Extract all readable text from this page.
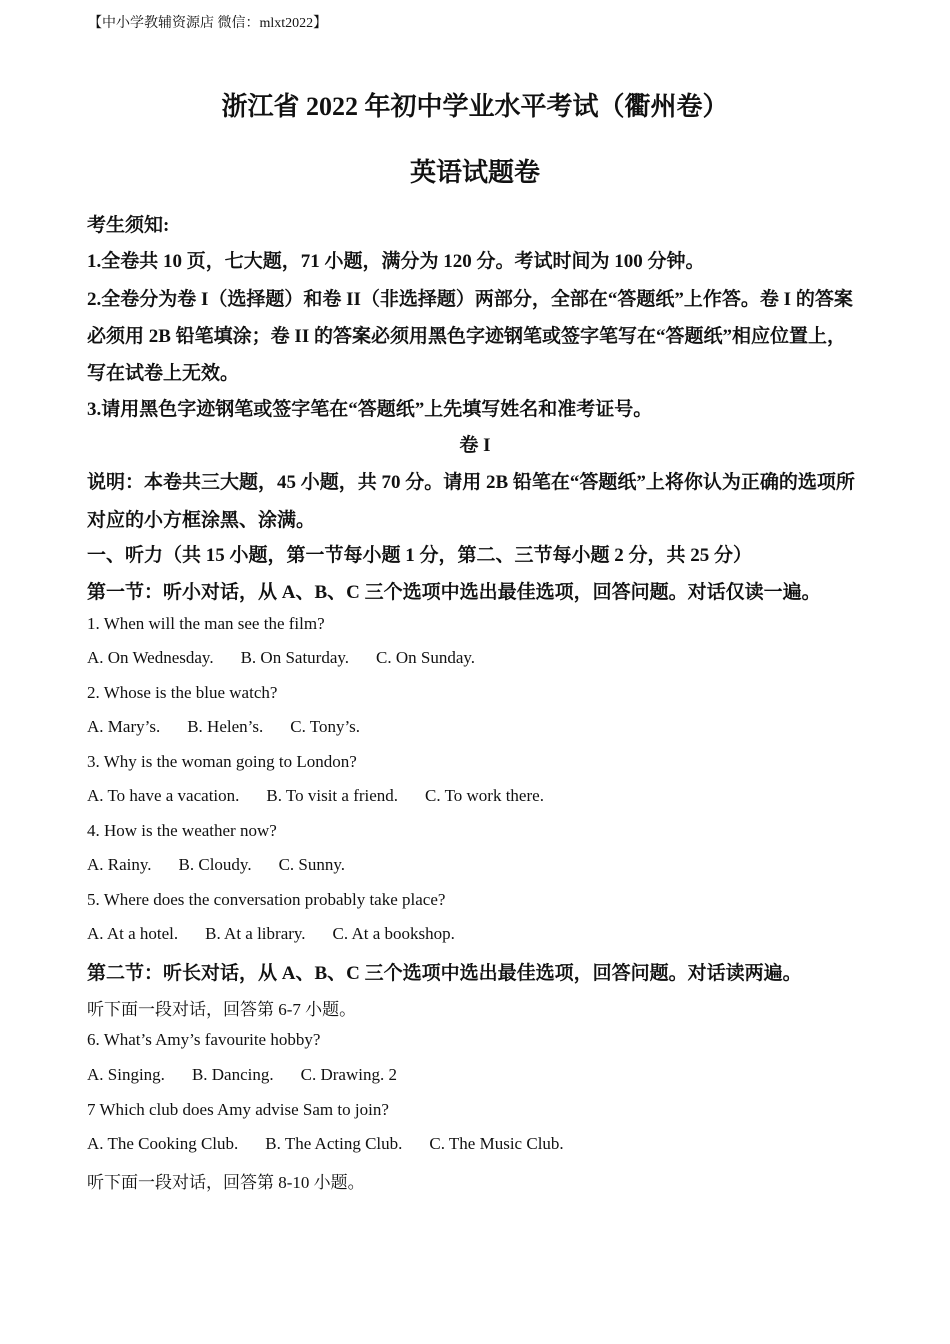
【中小学教辅资源店 微信：mlxt2022】
浙江省 2022 年初中学业水平考试（衢州卷）
英语试题卷
考生须知:
1.全卷共 10 页，七大题，71 小题，满分为 120 分。考试时间为 100 分钟。
2.全卷分为卷 I（选择题）和卷 II（非选择题）两部分，全部在“答题纸”上作答。卷 I 的答案
必须用 2B 铅笔填涂；卷 II 的答案必须用黑色字迹钢笔或签字笔写在“答题纸”相应位置上，
写在试卷上无效。
3.请用黑色字迹钢笔或签字笔在“答题纸”上先填写姓名和准考证号。
卷 I
说明：本卷共三大题，45 小题，共 70 分。请用 2B 铅笔在“答题纸”上将你认为正确的选项所
对应的小方框涂黑、涂满。
一、听力（共 15 小题，第一节每小题 1 分，第二、三节每小题 2 分，共 25 分）
第一节：听小对话，从 A、B、C 三个选项中选出最佳选项，回答问题。对话仅读一遍。
1. When will the man see the film?
A. On Wednesday. B. On Saturday. C. On Sunday.
2. Whose is the blue watch?
A. Mary’s. B. Helen’s. C. Tony’s.
3. Why is the woman going to London?
A. To have a vacation. B. To visit a friend. C. To work there.
4. How is the weather now?
A. Rainy. B. Cloudy. C. Sunny.
5. Where does the conversation probably take place?
A. At a hotel. B. At a library. C. At a bookshop.
第二节：听长对话，从 A、B、C 三个选项中选出最佳选项，回答问题。对话读两遍。
听下面一段对话，回答第 6-7 小题。
6. What’s Amy’s favourite hobby?
A. Singing. B. Dancing. C. Drawing. 2
7 Which club does Amy advise Sam to join?
A. The Cooking Club. B. The Acting Club. C. The Music Club.
听下面一段对话，回答第 8-10 小题。
